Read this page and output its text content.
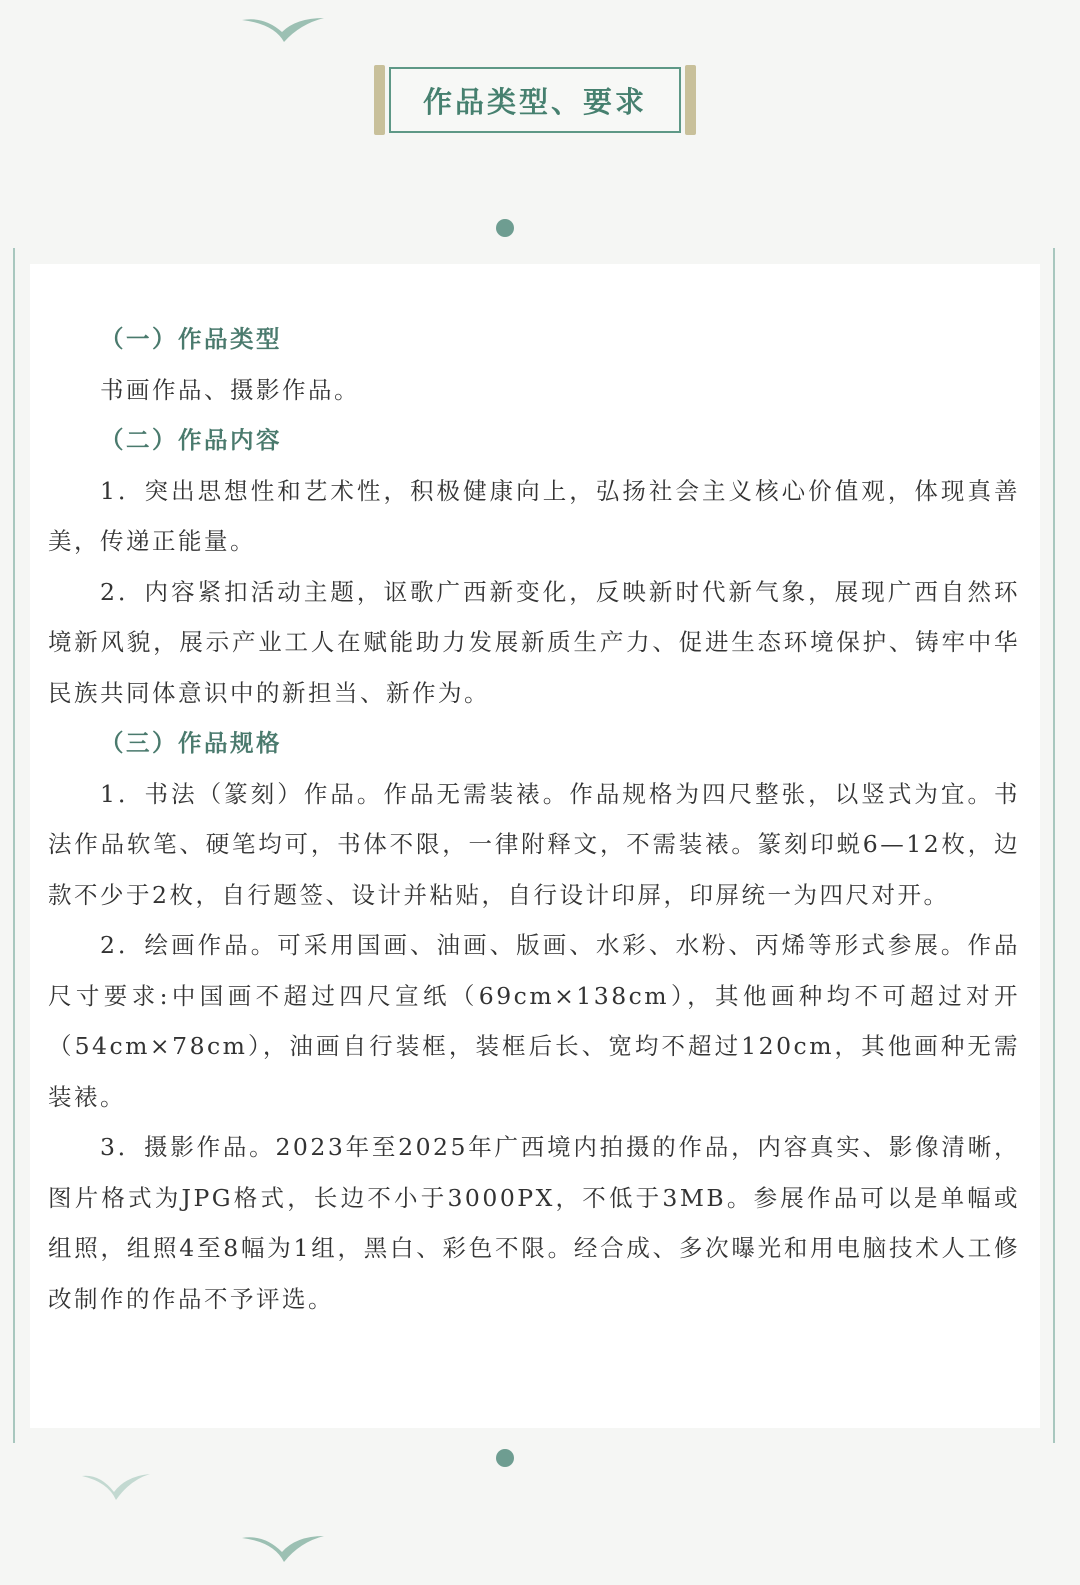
作品类型、要求

（一）作品类型

书画作品、摄影作品。

（二）作品内容

1．突出思想性和艺术性，积极健康向上，弘扬社会主义核心价值观，体现真善美，传递正能量。

2．内容紧扣活动主题，讴歌广西新变化，反映新时代新气象，展现广西自然环境新风貌，展示产业工人在赋能助力发展新质生产力、促进生态环境保护、铸牢中华民族共同体意识中的新担当、新作为。

（三）作品规格

1．书法（篆刻）作品。作品无需装裱。作品规格为四尺整张，以竖式为宜。书法作品软笔、硬笔均可，书体不限，一律附释文，不需装裱。篆刻印蜕6—12枚，边款不少于2枚，自行题签、设计并粘贴，自行设计印屏，印屏统一为四尺对开。

2．绘画作品。可采用国画、油画、版画、水彩、水粉、丙烯等形式参展。作品尺寸要求:中国画不超过四尺宣纸（69cm×138cm），其他画种均不可超过对开（54cm×78cm），油画自行装框，装框后长、宽均不超过120cm，其他画种无需装裱。

3．摄影作品。2023年至2025年广西境内拍摄的作品，内容真实、影像清晰，图片格式为JPG格式，长边不小于3000PX，不低于3MB。参展作品可以是单幅或组照，组照4至8幅为1组，黑白、彩色不限。经合成、多次曝光和用电脑技术人工修改制作的作品不予评选。
